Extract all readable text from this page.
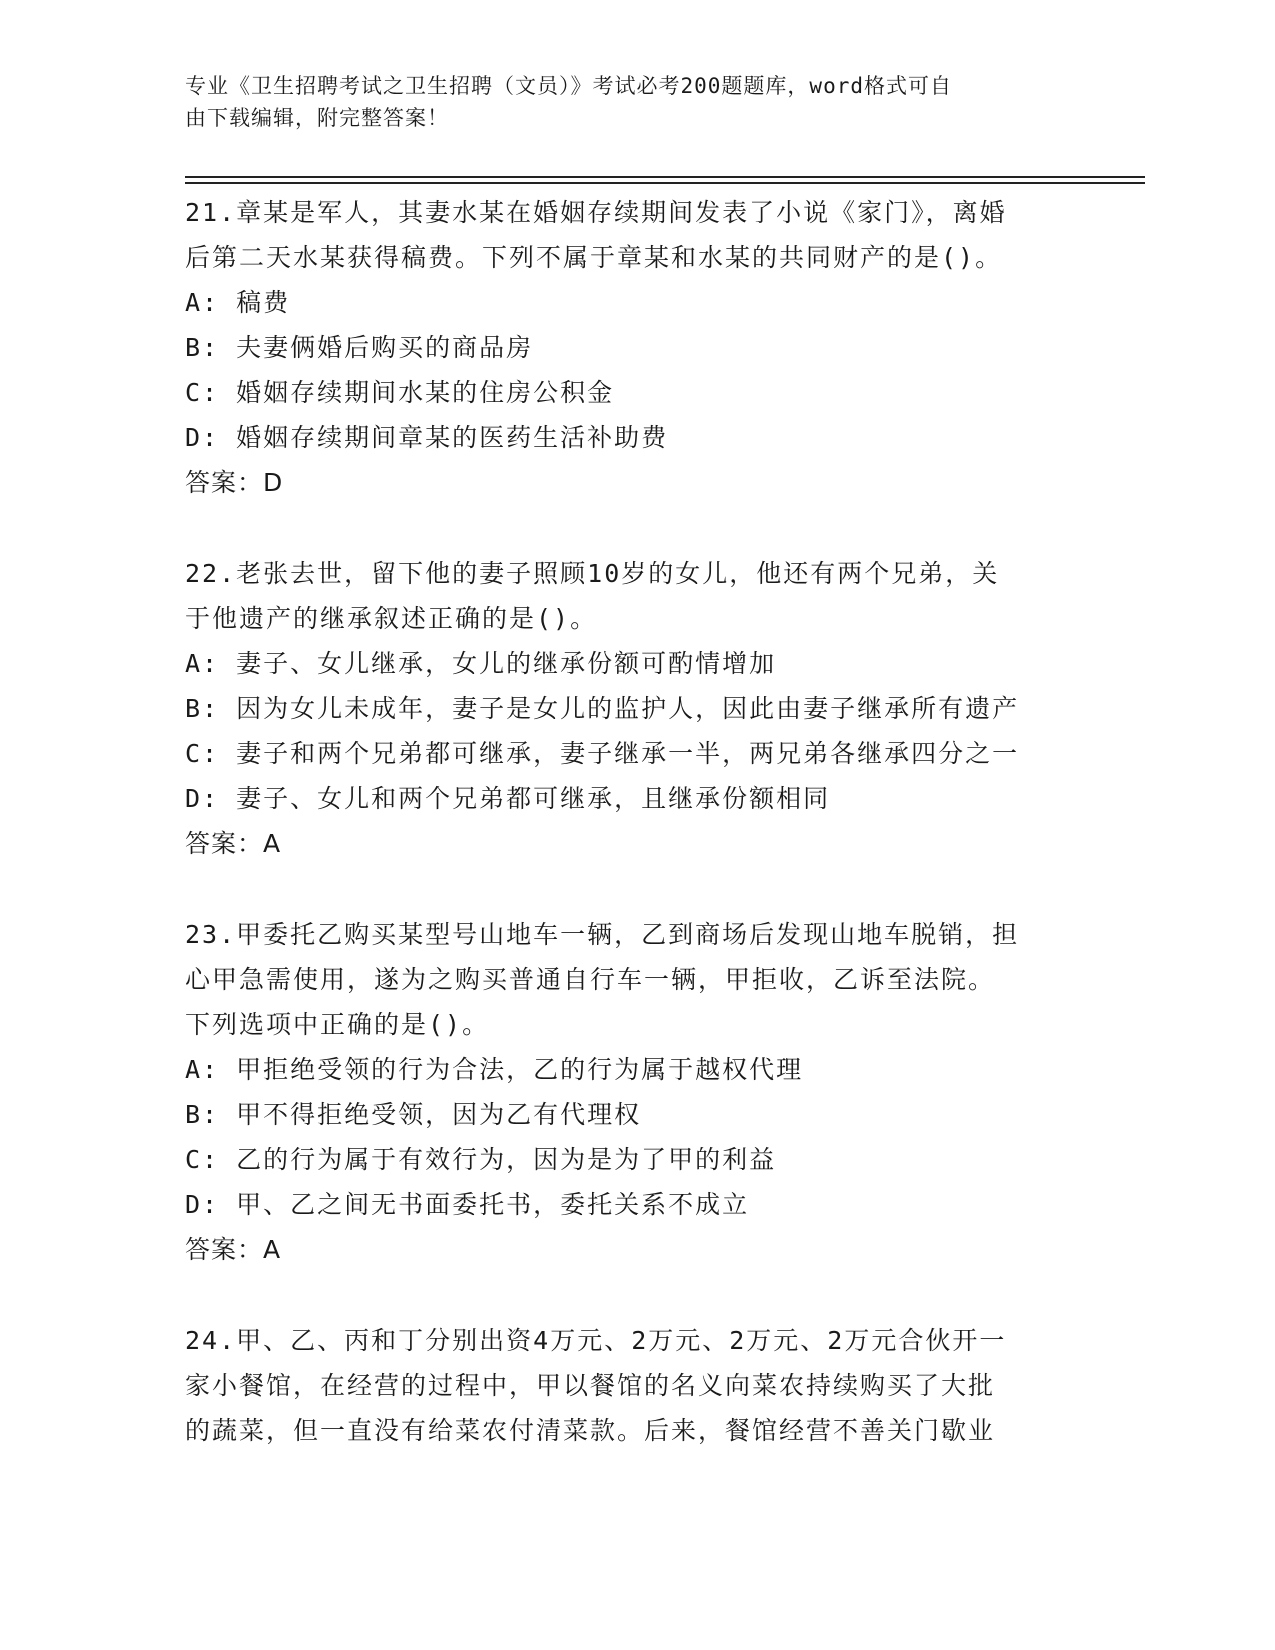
专业《卫生招聘考试之卫生招聘（文员）》考试必考200题题库，word格式可自
由下载编辑，附完整答案！
21.章某是军人，其妻水某在婚姻存续期间发表了小说《家门》，离婚
后第二天水某获得稿费。下列不属于章某和水某的共同财产的是()。
A: 稿费
B: 夫妻俩婚后购买的商品房
C: 婚姻存续期间水某的住房公积金
D: 婚姻存续期间章某的医药生活补助费
答案：D
22.老张去世，留下他的妻子照顾10岁的女儿，他还有两个兄弟，关
于他遗产的继承叙述正确的是()。
A: 妻子、女儿继承，女儿的继承份额可酌情增加
B: 因为女儿未成年，妻子是女儿的监护人，因此由妻子继承所有遗产
C: 妻子和两个兄弟都可继承，妻子继承一半，两兄弟各继承四分之一
D: 妻子、女儿和两个兄弟都可继承，且继承份额相同
答案：A
23.甲委托乙购买某型号山地车一辆，乙到商场后发现山地车脱销，担
心甲急需使用，遂为之购买普通自行车一辆，甲拒收，乙诉至法院。
下列选项中正确的是()。
A: 甲拒绝受领的行为合法，乙的行为属于越权代理
B: 甲不得拒绝受领，因为乙有代理权
C: 乙的行为属于有效行为，因为是为了甲的利益
D: 甲、乙之间无书面委托书，委托关系不成立
答案：A
24.甲、乙、丙和丁分别出资4万元、2万元、2万元、2万元合伙开一
家小餐馆，在经营的过程中，甲以餐馆的名义向菜农持续购买了大批
的蔬菜，但一直没有给菜农付清菜款。后来，餐馆经营不善关门歇业
